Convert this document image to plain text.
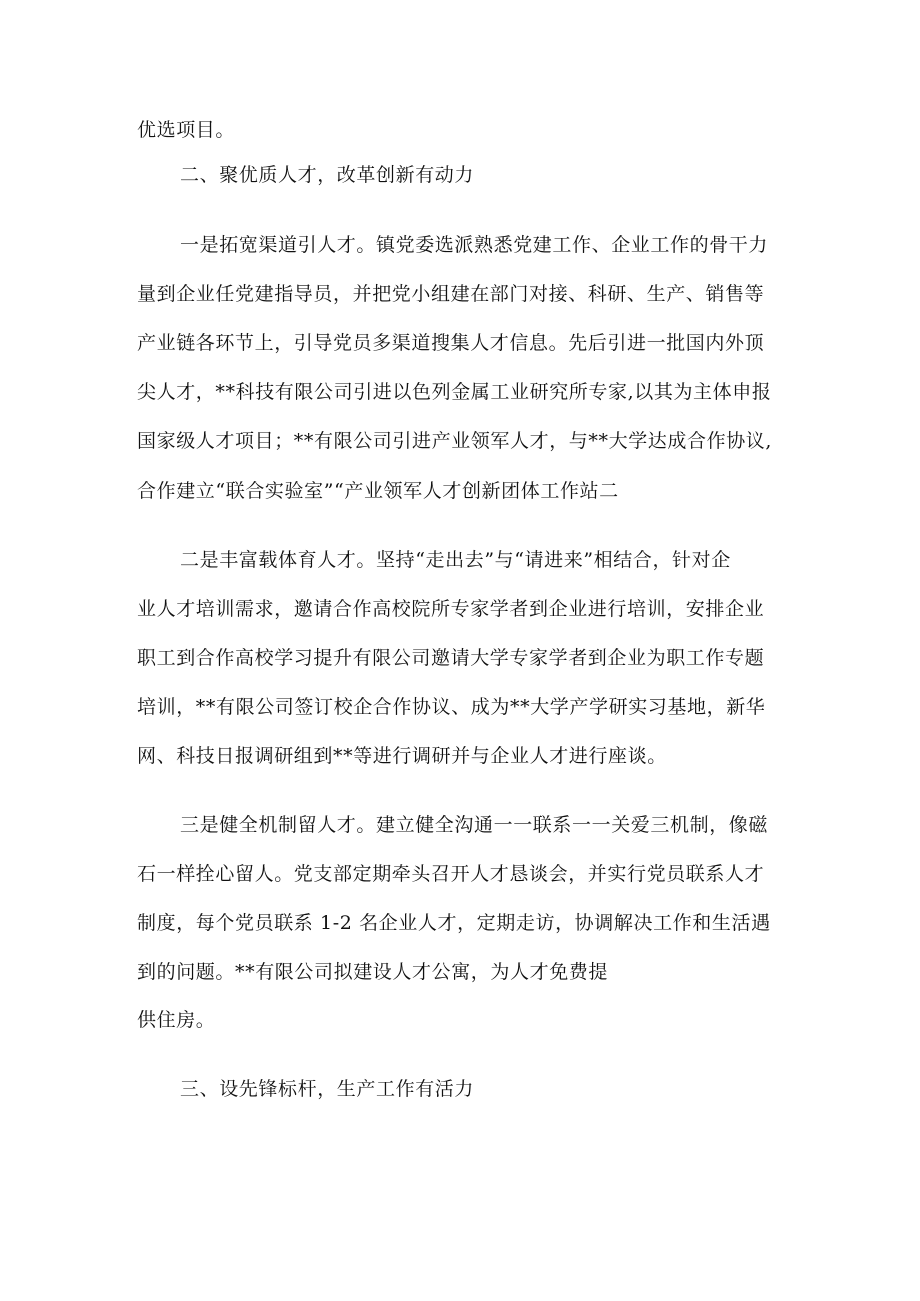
优选项目。
二、聚优质人才，改革创新有动力
一是拓宽渠道引人才。镇党委选派熟悉党建工作、企业工作的骨干力
量到企业任党建指导员，并把党小组建在部门对接、科研、生产、销售等
产业链各环节上，引导党员多渠道搜集人才信息。先后引进一批国内外顶
尖人才，**科技有限公司引进以色列金属工业研究所专家,以其为主体申报
国家级人才项目；**有限公司引进产业领军人才，与**大学达成合作协议,
合作建立“联合实验室”“产业领军人才创新团体工作站二
二是丰富载体育人才。坚持“走出去”与“请进来”相结合，针对企
业人才培训需求，邀请合作高校院所专家学者到企业进行培训，安排企业
职工到合作高校学习提升有限公司邀请大学专家学者到企业为职工作专题
培训，**有限公司签订校企合作协议、成为**大学产学研实习基地，新华
网、科技日报调研组到**等进行调研并与企业人才进行座谈。
三是健全机制留人才。建立健全沟通一一联系一一关爱三机制，像磁
石一样拴心留人。党支部定期牵头召开人才恳谈会，并实行党员联系人才
制度，每个党员联系 1-2 名企业人才，定期走访，协调解决工作和生活遇
到的问题。**有限公司拟建设人才公寓，为人才免费提
供住房。
三、设先锋标杆，生产工作有活力
